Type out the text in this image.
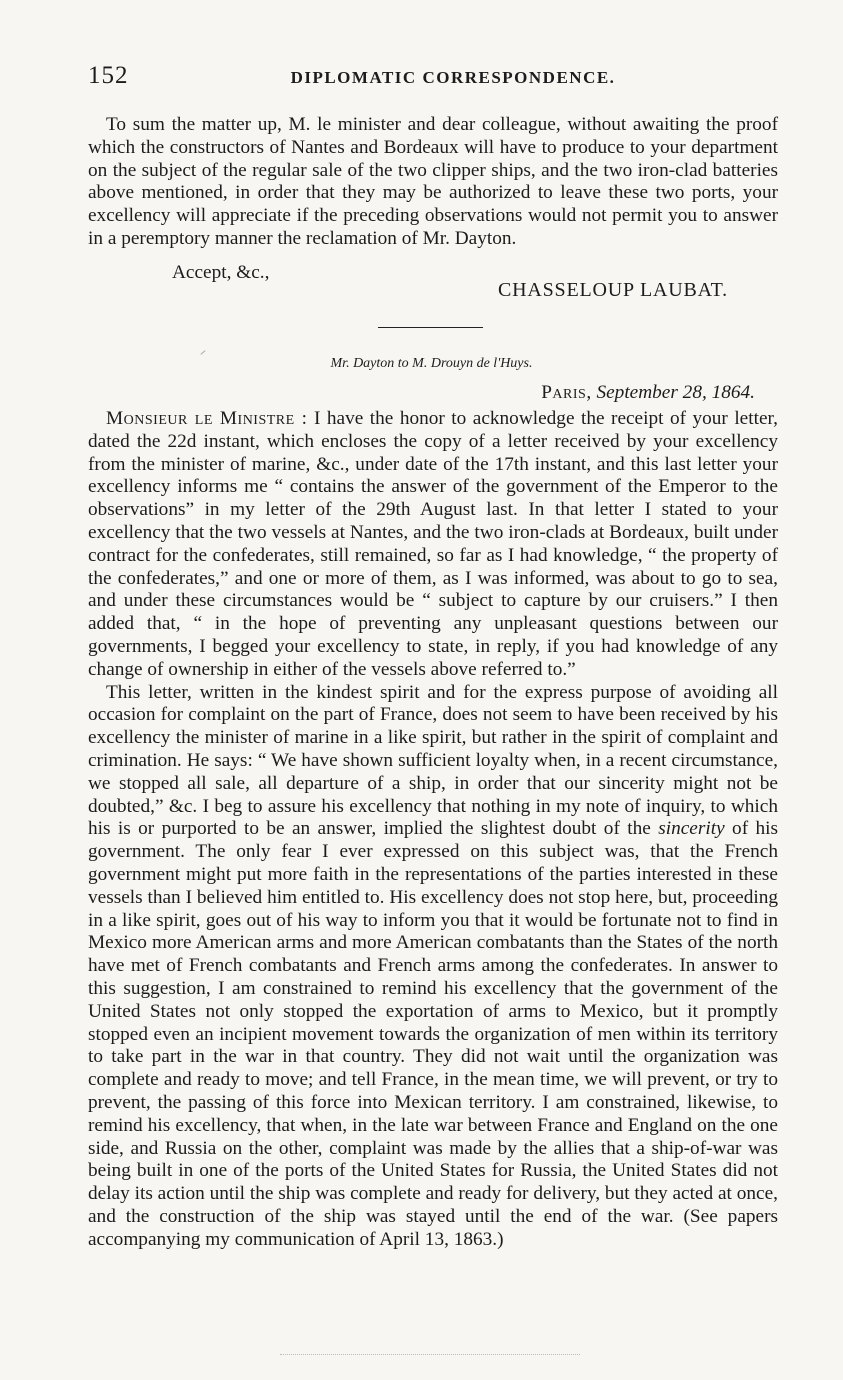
152	DIPLOMATIC CORRESPONDENCE.

To sum the matter up, M. le minister and dear colleague, without awaiting the proof which the constructors of Nantes and Bordeaux will have to produce to your department on the subject of the regular sale of the two clipper ships, and the two iron-clad batteries above mentioned, in order that they may be authorized to leave these two ports, your excellency will appreciate if the preceding observations would not permit you to answer in a peremptory manner the reclamation of Mr. Dayton.

Accept, &c.,
CHASSELOUP LAUBAT.
Mr. Dayton to M. Drouyn de l'Huys.
Paris, September 28, 1864.

Monsieur le Ministre : I have the honor to acknowledge the receipt of your letter, dated the 22d instant, which encloses the copy of a letter received by your excellency from the minister of marine, &c., under date of the 17th instant, and this last letter your excellency informs me “ contains the answer of the government of the Emperor to the observations” in my letter of the 29th August last. In that letter I stated to your excellency that the two vessels at Nantes, and the two iron-clads at Bordeaux, built under contract for the confederates, still remained, so far as I had knowledge, “ the property of the confederates,” and one or more of them, as I was informed, was about to go to sea, and under these circumstances would be “ subject to capture by our cruisers.” I then added that, “ in the hope of preventing any unpleasant questions between our governments, I begged your excellency to state, in reply, if you had knowledge of any change of ownership in either of the vessels above referred to.”

This letter, written in the kindest spirit and for the express purpose of avoiding all occasion for complaint on the part of France, does not seem to have been received by his excellency the minister of marine in a like spirit, but rather in the spirit of complaint and crimination. He says: “ We have shown sufficient loyalty when, in a recent circumstance, we stopped all sale, all departure of a ship, in order that our sincerity might not be doubted,” &c. I beg to assure his excellency that nothing in my note of inquiry, to which his is or purported to be an answer, implied the slightest doubt of the sincerity of his government. The only fear I ever expressed on this subject was, that the French government might put more faith in the representations of the parties interested in these vessels than I believed him entitled to. His excellency does not stop here, but, proceeding in a like spirit, goes out of his way to inform you that it would be fortunate not to find in Mexico more American arms and more American combatants than the States of the north have met of French combatants and French arms among the confederates. In answer to this suggestion, I am constrained to remind his excellency that the government of the United States not only stopped the exportation of arms to Mexico, but it promptly stopped even an incipient movement towards the organization of men within its territory to take part in the war in that country. They did not wait until the organization was complete and ready to move; and tell France, in the mean time, we will prevent, or try to prevent, the passing of this force into Mexican territory. I am constrained, likewise, to remind his excellency, that when, in the late war between France and England on the one side, and Russia on the other, complaint was made by the allies that a ship-of-war was being built in one of the ports of the United States for Russia, the United States did not delay its action until the ship was complete and ready for delivery, but they acted at once, and the construction of the ship was stayed until the end of the war. (See papers accompanying my communication of April 13, 1863.)
